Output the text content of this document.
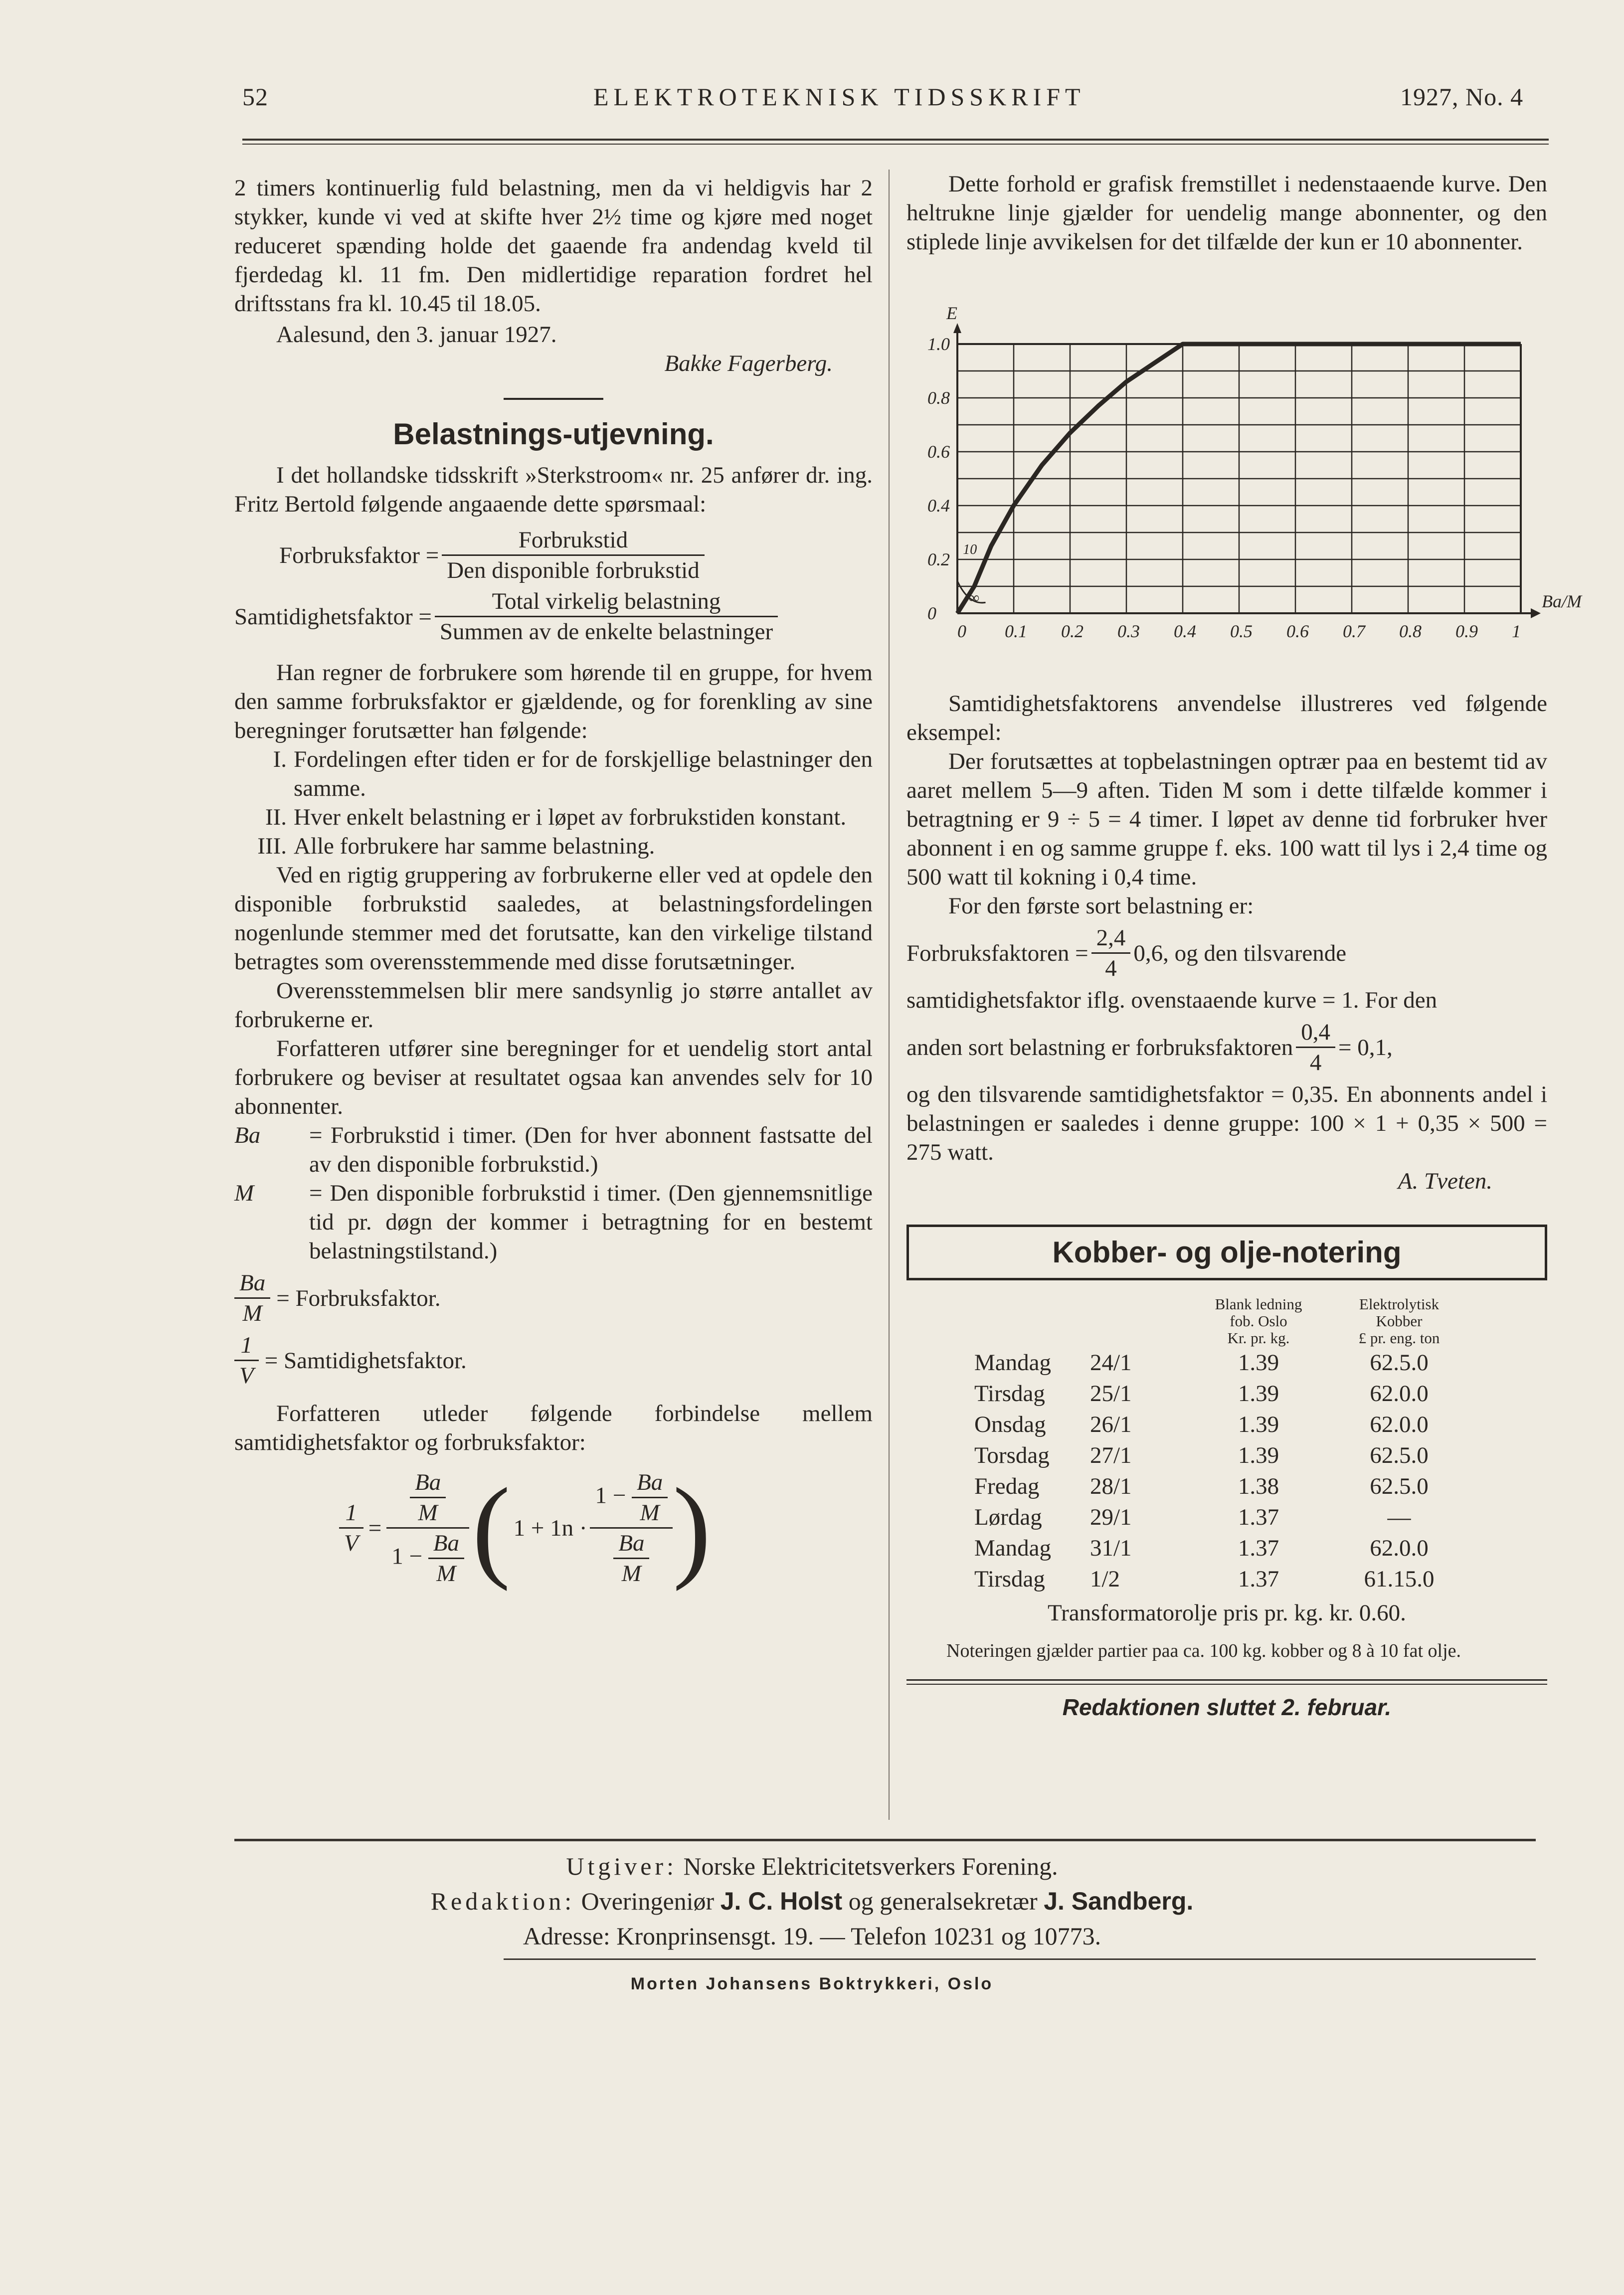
52	ELEKTROTEKNISK TIDSSKRIFT	1927, No. 4

2 timers kontinuerlig fuld belastning, men da vi heldigvis har 2 stykker, kunde vi ved at skifte hver 2½ time og kjøre med noget reduceret spænding holde det gaaende fra andendag kveld til fjerdedag kl. 11 fm. Den midlertidige reparation fordret hel driftsstans fra kl. 10.45 til 18.05.

Aalesund, den 3. januar 1927.

Bakke Fagerberg.

Belastnings-utjevning.

I det hollandske tidsskrift »Sterkstroom« nr. 25 anfører dr. ing. Fritz Bertold følgende angaaende dette spørsmaal:

Forbruksfaktor = $\frac{\text{Forbrukstid}}{\text{Den disponible forbrukstid}}$
Samtidighetsfaktor = $\frac{\text{Total virkelig belastning}}{\text{Summen av de enkelte belastninger}}$

Han regner de forbrukere som hørende til en gruppe, for hvem den samme forbruksfaktor er gjældende, og for forenkling av sine beregninger forutsætter han følgende:

I. Fordelingen efter tiden er for de forskjellige belastninger den samme.
II. Hver enkelt belastning er i løpet av forbrukstiden konstant.
III. Alle forbrukere har samme belastning.

Ved en rigtig gruppering av forbrukerne eller ved at opdele den disponible forbrukstid saaledes, at belastningsfordelingen nogenlunde stemmer med det forutsatte, kan den virkelige tilstand betragtes som overensstemmende med disse forutsætninger.

Overensstemmelsen blir mere sandsynlig jo større antallet av forbrukerne er.

Forfatteren utfører sine beregninger for et uendelig stort antal forbrukere og beviser at resultatet ogsaa kan anvendes selv for 10 abonnenter.

Ba	= Forbrukstid i timer. (Den for hver abonnent fastsatte del av den disponible forbrukstid.)
M	= Den disponible forbrukstid i timer. (Den gjennemsnitlige tid pr. døgn der kommer i betragtning for en bestemt belastningstilstand.)
$\frac{Ba}{M}$ = Forbruksfaktor.
$\frac{1}{V}$ = Samtidighetsfaktor.

Forfatteren utleder følgende forbindelse mellem samtidighetsfaktor og forbruksfaktor:

$\frac{1}{V} = \frac{\frac{Ba}{M}}{1 - \frac{Ba}{M}}$ ( $1 + 1n \cdot \frac{1 - \frac{Ba}{M}}{\frac{Ba}{M}}$ )

Dette forhold er grafisk fremstillet i nedenstaaende kurve. Den heltrukne linje gjælder for uendelig mange abonnenter, og den stiplede linje avvikelsen for det tilfælde der kun er 10 abonnenter.

0 0.1 0.2 0.3 0.4 0.5 0.6 0.7 0.8 0.9 1
0
0.2
0.4
0.6
0.8
1.0
E
Ba/M
10
∞

Samtidighetsfaktorens anvendelse illustreres ved følgende eksempel:

Der forutsættes at topbelastningen optrær paa en bestemt tid av aaret mellem 5—9 aften. Tiden M som i dette tilfælde kommer i betragtning er 9 ÷ 5 = 4 timer. I løpet av denne tid forbruker hver abonnent i en og samme gruppe f. eks. 100 watt til lys i 2,4 time og 500 watt til kokning i 0,4 time.

For den første sort belastning er:

Forbruksfaktoren = $\frac{2,4}{4} 0,6$, og den tilsvarende

samtidighetsfaktor iflg. ovenstaaende kurve = 1. For den

anden sort belastning er forbruksfaktoren $\frac{0,4}{4} = 0,1$,

og den tilsvarende samtidighetsfaktor = 0,35. En abonnents andel i belastningen er saaledes i denne gruppe: 100 × 1 + 0,35 × 500 = 275 watt.

A. Tveten.

Kobber- og olje-notering
		Blank ledning
fob. Oslo
Kr. pr. kg.	Elektrolytisk
Kobber
£ pr. eng. ton
Mandag	24/1	1.39	62.5.0
Tirsdag	25/1	1.39	62.0.0
Onsdag	26/1	1.39	62.0.0
Torsdag	27/1	1.39	62.5.0
Fredag	28/1	1.38	62.5.0
Lørdag	29/1	1.37	—
Mandag	31/1	1.37	62.0.0
Tirsdag	1/2	1.37	61.15.0

Transformatorolje pris pr. kg. kr. 0.60.

Noteringen gjælder partier paa ca. 100 kg. kobber og 8 à 10 fat olje.

Redaktionen sluttet 2. februar.

Utgiver: Norske Elektricitetsverkers Forening.
Redaktion: Overingeniør J. C. Holst og generalsekretær J. Sandberg.
Adresse: Kronprinsensgt. 19. — Telefon 10231 og 10773.
Morten Johansens Boktrykkeri, Oslo
